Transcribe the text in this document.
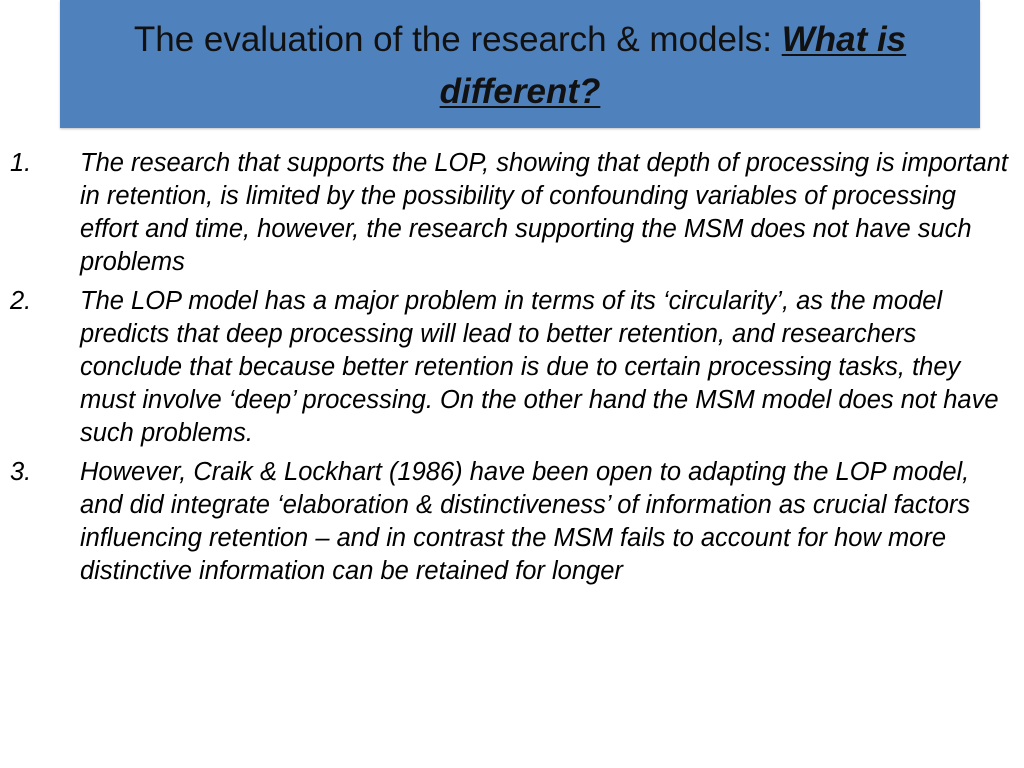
The evaluation of the research & models: What is different?
1. The research that supports the LOP, showing that depth of processing is important in retention, is limited by the possibility of confounding variables of processing effort and time, however, the research supporting the MSM does not have such problems
2. The LOP model has a major problem in terms of its ‘circularity’, as the model predicts that deep processing will lead to better retention, and researchers conclude that because better retention is due to certain processing tasks, they must involve ‘deep’ processing. On the other hand the MSM model does not have such problems.
3. However, Craik & Lockhart (1986) have been open to adapting the LOP model, and did integrate ‘elaboration & distinctiveness’ of information as crucial factors influencing retention – and in contrast the MSM fails to account for how more distinctive information can be retained for longer
